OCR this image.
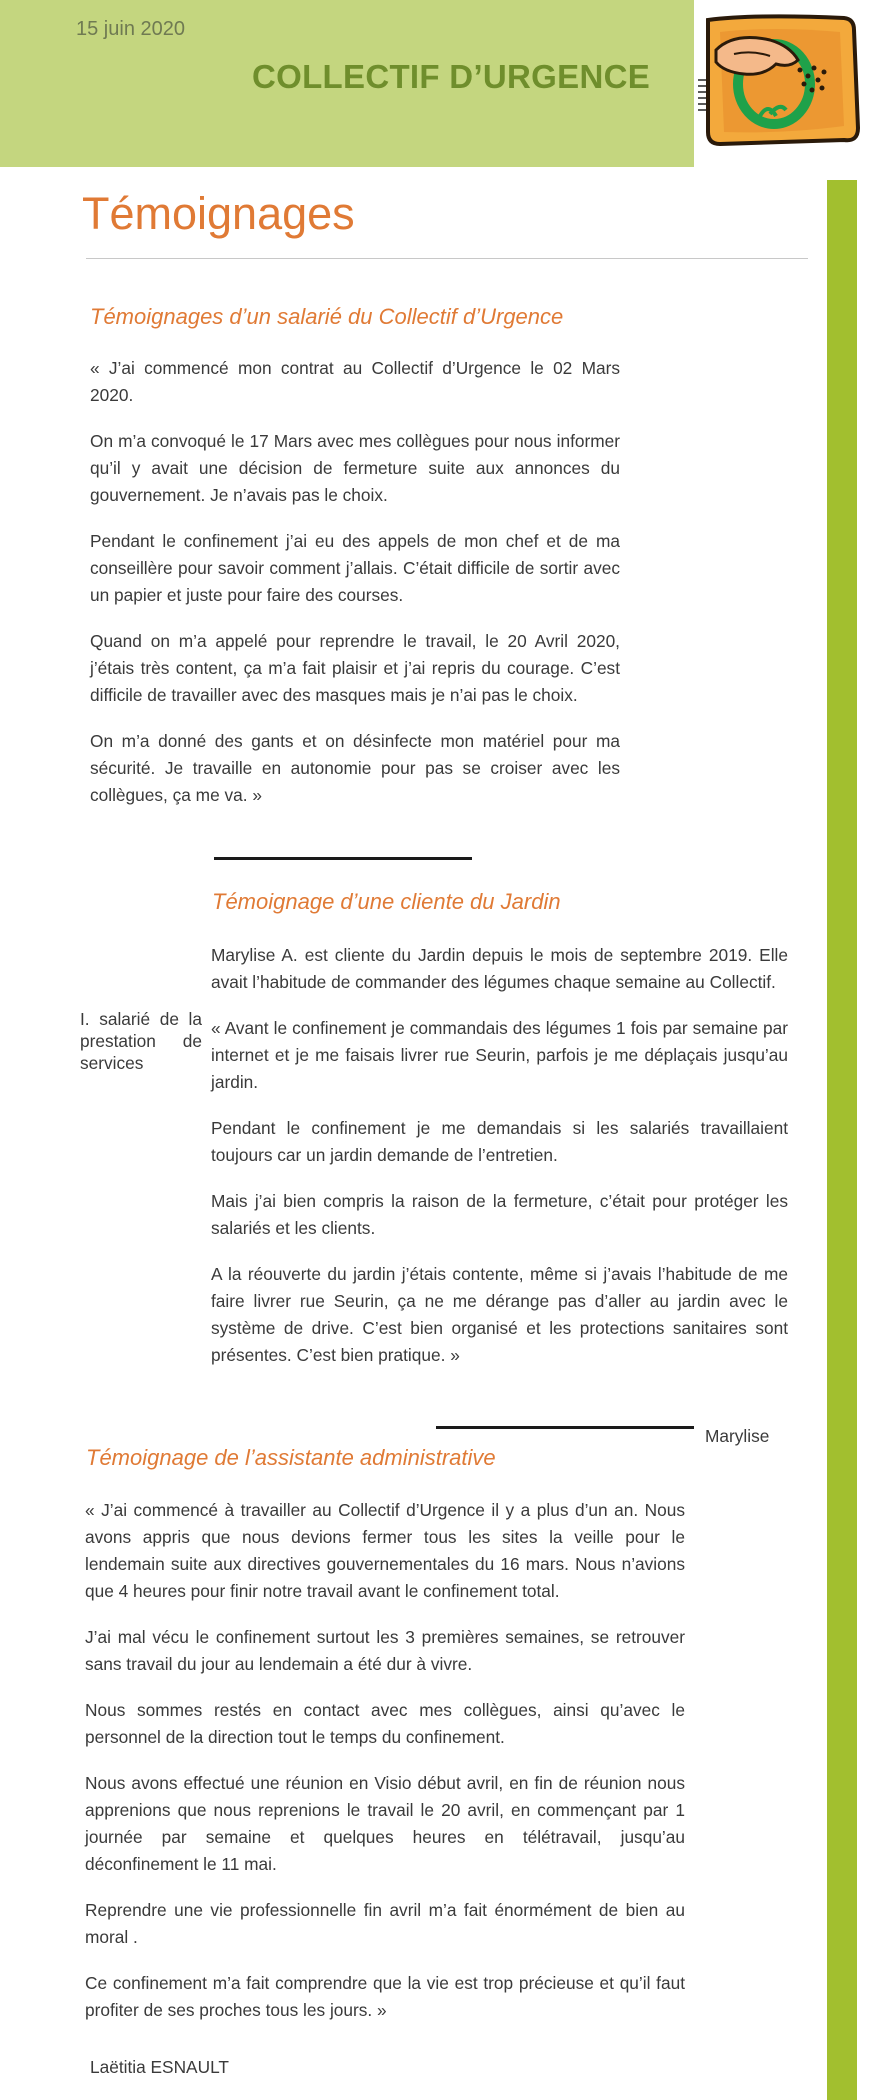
15 juin 2020
COLLECTIF D’URGENCE
Témoignages
Témoignages d’un salarié du Collectif d’Urgence

« J’ai commencé mon contrat au Collectif d’Urgence le 02 Mars 2020.

On m’a convoqué le 17 Mars avec mes collègues pour nous informer qu’il y avait une décision de fermeture suite aux annonces du gouvernement. Je n’avais pas le choix.

Pendant le confinement j’ai eu des appels de mon chef et de ma conseillère pour savoir comment j’allais. C’était difficile de sortir avec un papier et juste pour faire des courses.

Quand on m’a appelé pour reprendre le travail, le 20 Avril 2020, j’étais très content, ça m’a fait plaisir et j’ai repris du courage. C’est difficile de travailler avec des masques mais je n’ai pas le choix.

On m’a donné des gants et on désinfecte mon matériel pour ma sécurité. Je travaille en autonomie pour pas se croiser avec les collègues, ça me va. »

I. salarié de la prestation de services
Témoignage d’une cliente du Jardin

Marylise A. est cliente du Jardin depuis le mois de septembre 2019. Elle avait l’habitude de commander des légumes chaque semaine au Collectif.

« Avant le confinement je commandais des légumes 1 fois par semaine par internet et je me faisais livrer rue Seurin, parfois je me déplaçais jusqu’au jardin.

Pendant le confinement je me demandais si les salariés travaillaient toujours car un jardin demande de l’entretien.

Mais j’ai bien compris la raison de la fermeture, c’était pour protéger les salariés et les clients.

A la réouverte du jardin j’étais contente, même si j’avais l’habitude de me faire livrer rue Seurin, ça ne me dérange pas d’aller au jardin avec le système de drive. C’est bien organisé et les protections sanitaires sont présentes. C’est bien pratique. »

Marylise
Témoignage de l’assistante administrative

« J’ai commencé à travailler au Collectif d’Urgence il y a plus d’un an. Nous avons appris que nous devions fermer tous les sites la veille pour le lendemain suite aux directives gouvernementales du 16 mars. Nous n’avions que 4 heures pour finir notre travail avant le confinement total.

J’ai mal vécu le confinement surtout les 3 premières semaines, se retrouver sans travail du jour au lendemain a été dur à vivre.

Nous sommes restés en contact avec mes collègues, ainsi qu’avec le personnel de la direction tout le temps du confinement.

Nous avons effectué une réunion en Visio début avril, en fin de réunion nous apprenions que nous reprenions le travail le 20 avril, en commençant par 1 journée par semaine et quelques heures en télétravail, jusqu’au déconfinement le 11 mai.

Reprendre une vie professionnelle fin avril m’a fait énormément de bien au moral .

Ce confinement m’a fait comprendre que la vie est trop précieuse et qu’il faut profiter de ses proches tous les jours. »

Laëtitia ESNAULT
